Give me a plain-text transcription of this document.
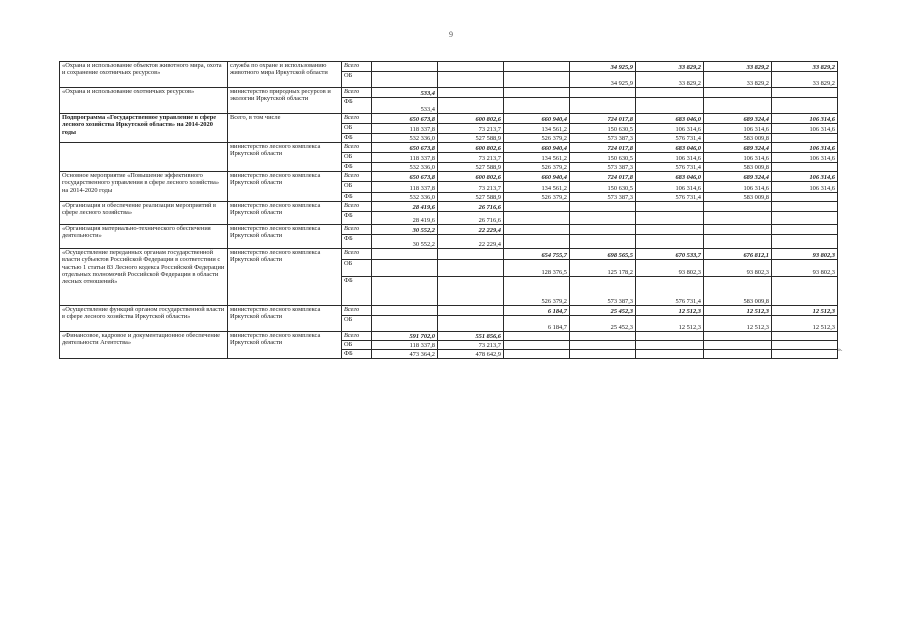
9
«Охрана и использование объектов животного мира, охота и сохранение охотничьих ресурсов»	служба по охране и использованию животного мира Иркутской области	Всего				34 925,9	33 829,2	33 829,2	33 829,2
		ОБ				34 925,9	33 829,2	33 829,2	33 829,2
«Охрана и использование охотничьих ресурсов»	министерство природных ресурсов и экологии Иркутской области	Всего	533,4						
		ФБ	533,4						
Подпрограмма «Государственное управление в сфере лесного хозяйства Иркутской области» на 2014-2020 годы	Всего, в том числе	Всего	650 673,8	600 802,6	660 940,4	724 017,8	683 046,0	689 324,4	106 314,6
		ОБ	118 337,8	73 213,7	134 561,2	150 630,5	106 314,6	106 314,6	106 314,6
		ФБ	532 336,0	527 588,9	526 379,2	573 387,3	576 731,4	583 009,8	
	министерство лесного комплекса Иркутской области	Всего	650 673,8	600 802,6	660 940,4	724 017,8	683 046,0	689 324,4	106 314,6
		ОБ	118 337,8	73 213,7	134 561,2	150 630,5	106 314,6	106 314,6	106 314,6
		ФБ	532 336,0	527 588,9	526 379,2	573 387,3	576 731,4	583 009,8	
Основное мероприятие «Повышение эффективного государственного управления в сфере лесного хозяйства» на 2014-2020 годы	министерство лесного комплекса Иркутской области	Всего	650 673,8	600 802,6	660 940,4	724 017,8	683 046,0	689 324,4	106 314,6
		ОБ	118 337,8	73 213,7	134 561,2	150 630,5	106 314,6	106 314,6	106 314,6
		ФБ	532 336,0	527 588,9	526 379,2	573 387,3	576 731,4	583 009,8	
«Организация и обеспечение реализации мероприятий в сфере лесного хозяйства»	министерство лесного комплекса Иркутской области	Всего	28 419,6	26 716,6					
		ФБ	28 419,6	26 716,6					
«Организация материально-технического обеспечения деятельности»	министерство лесного комплекса Иркутской области	Всего	30 552,2	22 229,4					
		ФБ	30 552,2	22 229,4					
«Осуществление переданных органам государственной власти субъектов Российской Федерации в соответствии с частью 1 статьи 83 Лесного кодекса Российской Федерации отдельных полномочий Российской Федерации в области лесных отношений»	министерство лесного комплекса Иркутской области	Всего			654 755,7	698 565,5	670 533,7	676 812,1	93 802,3
		ОБ			128 376,5	125 178,2	93 802,3	93 802,3	93 802,3
		ФБ			526 379,2	573 387,3	576 731,4	583 009,8	
«Осуществление функций органом государственной власти в сфере лесного хозяйства Иркутской области»	министерство лесного комплекса Иркутской области	Всего			6 184,7	25 452,3	12 512,3	12 512,3	12 512,3
		ОБ			6 184,7	25 452,3	12 512,3	12 512,3	12 512,3
«Финансовое, кадровое и документационное обеспечение деятельности Агентства»	министерство лесного комплекса Иркутской области	Всего	591 702,0	551 856,6					
		ОБ	118 337,8	73 213,7					
		ФБ	473 364,2	478 642,9					
».
